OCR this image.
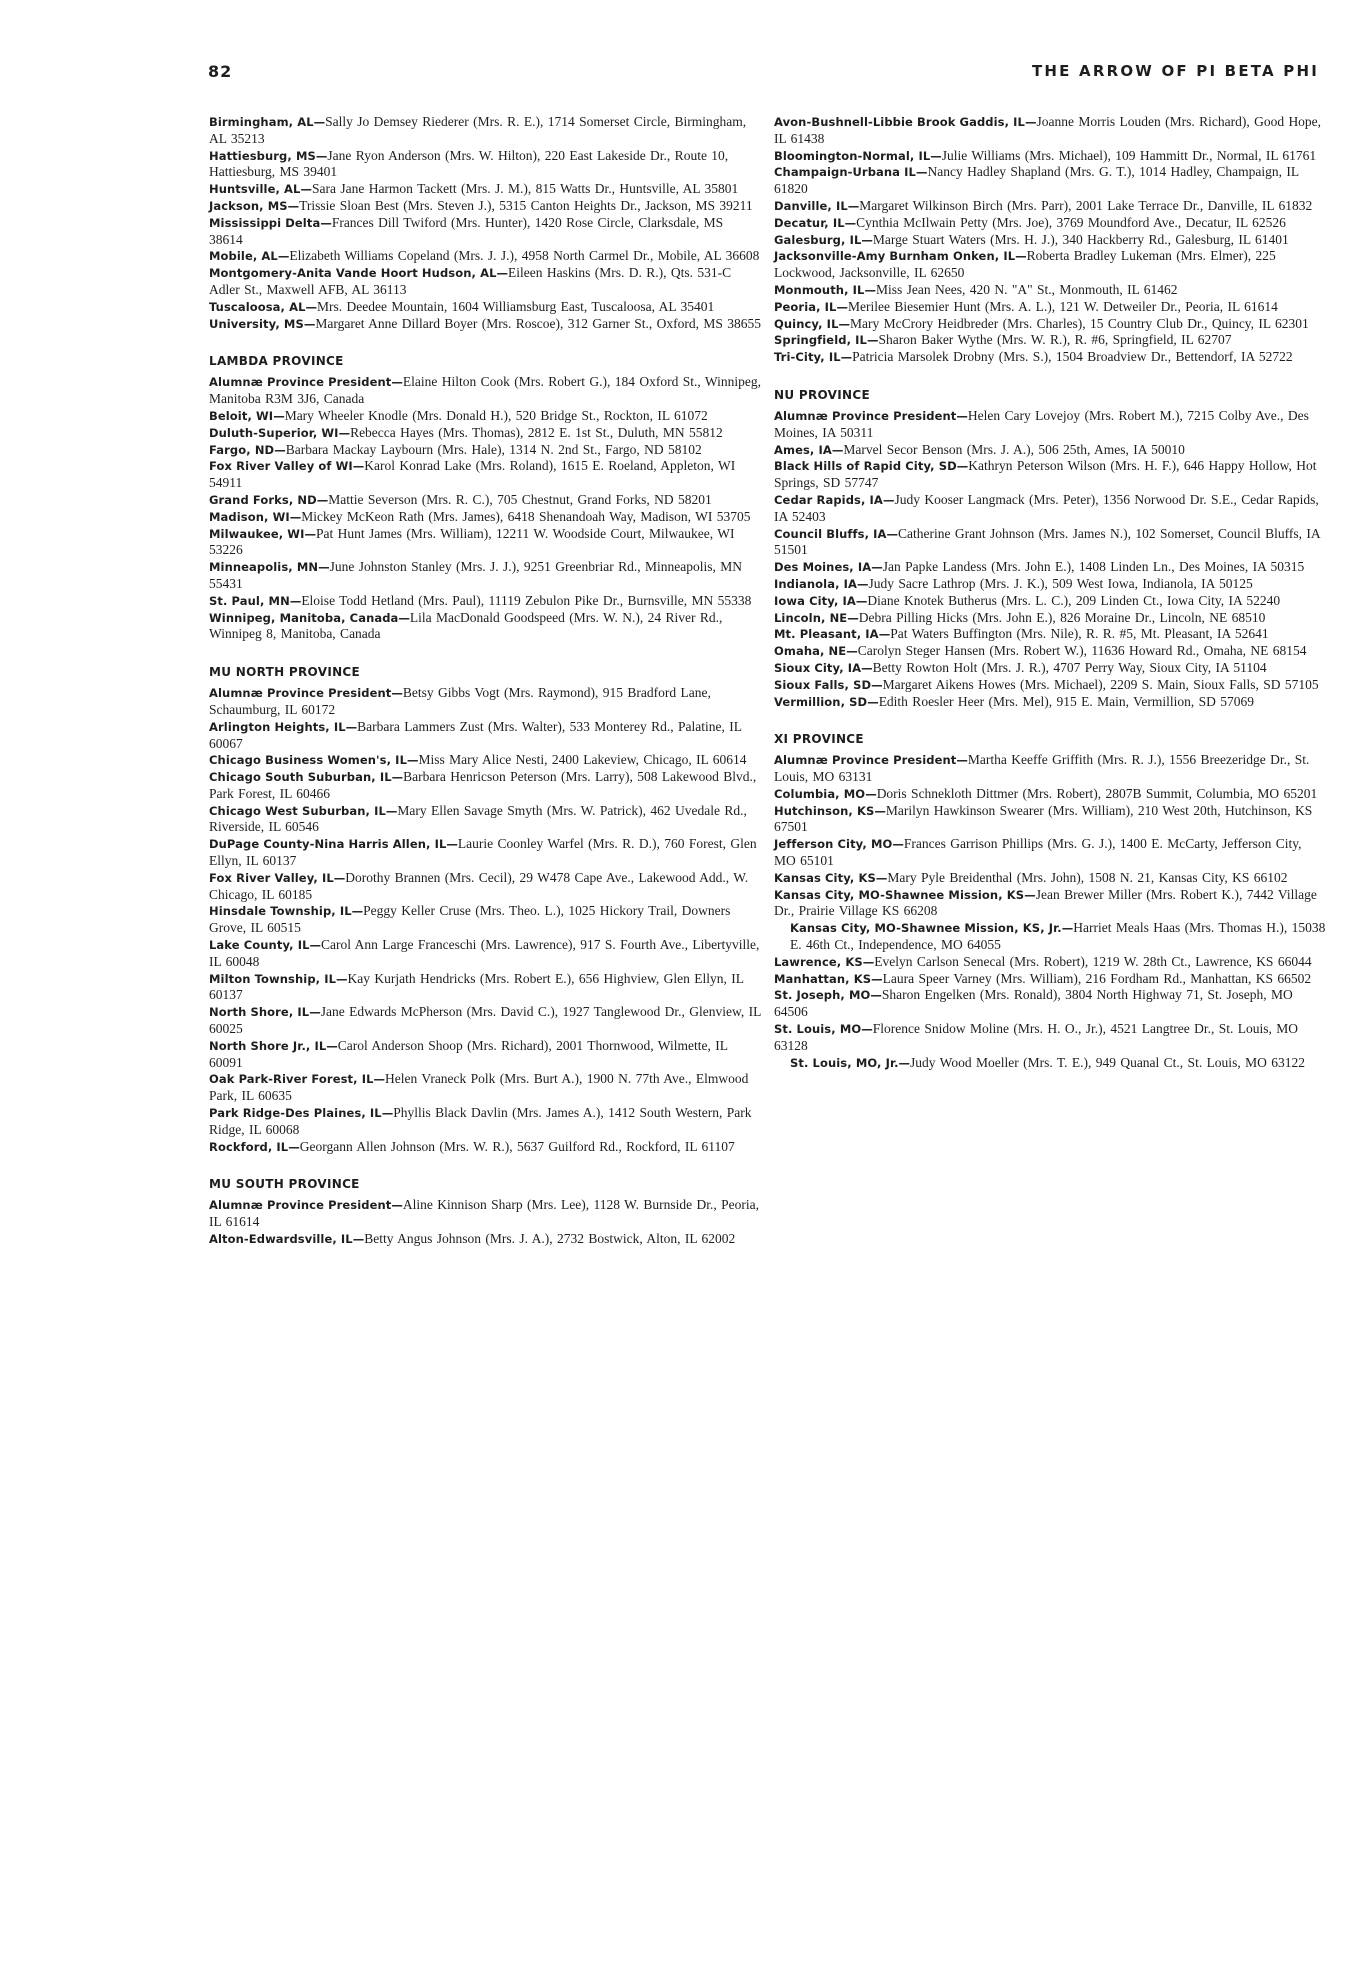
82	THE ARROW OF PI BETA PHI

Birmingham, AL—Sally Jo Demsey Riederer (Mrs. R. E.), 1714 Somerset Circle, Birmingham, AL 35213

Hattiesburg, MS—Jane Ryon Anderson (Mrs. W. Hilton), 220 East Lakeside Dr., Route 10, Hattiesburg, MS 39401

Huntsville, AL—Sara Jane Harmon Tackett (Mrs. J. M.), 815 Watts Dr., Huntsville, AL 35801

Jackson, MS—Trissie Sloan Best (Mrs. Steven J.), 5315 Canton Heights Dr., Jackson, MS 39211

Mississippi Delta—Frances Dill Twiford (Mrs. Hunter), 1420 Rose Circle, Clarksdale, MS 38614

Mobile, AL—Elizabeth Williams Copeland (Mrs. J. J.), 4958 North Carmel Dr., Mobile, AL 36608

Montgomery-Anita Vande Hoort Hudson, AL—Eileen Haskins (Mrs. D. R.), Qts. 531-C Adler St., Maxwell AFB, AL 36113

Tuscaloosa, AL—Mrs. Deedee Mountain, 1604 Williamsburg East, Tuscaloosa, AL 35401

University, MS—Margaret Anne Dillard Boyer (Mrs. Roscoe), 312 Garner St., Oxford, MS 38655

LAMBDA PROVINCE

Alumnæ Province President—Elaine Hilton Cook (Mrs. Robert G.), 184 Oxford St., Winnipeg, Manitoba R3M 3J6, Canada

Beloit, WI—Mary Wheeler Knodle (Mrs. Donald H.), 520 Bridge St., Rockton, IL 61072

Duluth-Superior, WI—Rebecca Hayes (Mrs. Thomas), 2812 E. 1st St., Duluth, MN 55812

Fargo, ND—Barbara Mackay Laybourn (Mrs. Hale), 1314 N. 2nd St., Fargo, ND 58102

Fox River Valley of WI—Karol Konrad Lake (Mrs. Roland), 1615 E. Roeland, Appleton, WI 54911

Grand Forks, ND—Mattie Severson (Mrs. R. C.), 705 Chestnut, Grand Forks, ND 58201

Madison, WI—Mickey McKeon Rath (Mrs. James), 6418 Shenandoah Way, Madison, WI 53705

Milwaukee, WI—Pat Hunt James (Mrs. William), 12211 W. Woodside Court, Milwaukee, WI 53226

Minneapolis, MN—June Johnston Stanley (Mrs. J. J.), 9251 Greenbriar Rd., Minneapolis, MN 55431

St. Paul, MN—Eloise Todd Hetland (Mrs. Paul), 11119 Zebulon Pike Dr., Burnsville, MN 55338

Winnipeg, Manitoba, Canada—Lila MacDonald Goodspeed (Mrs. W. N.), 24 River Rd., Winnipeg 8, Manitoba, Canada

MU NORTH PROVINCE

Alumnæ Province President—Betsy Gibbs Vogt (Mrs. Raymond), 915 Bradford Lane, Schaumburg, IL 60172

Arlington Heights, IL—Barbara Lammers Zust (Mrs. Walter), 533 Monterey Rd., Palatine, IL 60067

Chicago Business Women's, IL—Miss Mary Alice Nesti, 2400 Lakeview, Chicago, IL 60614

Chicago South Suburban, IL—Barbara Henricson Peterson (Mrs. Larry), 508 Lakewood Blvd., Park Forest, IL 60466

Chicago West Suburban, IL—Mary Ellen Savage Smyth (Mrs. W. Patrick), 462 Uvedale Rd., Riverside, IL 60546

DuPage County-Nina Harris Allen, IL—Laurie Coonley Warfel (Mrs. R. D.), 760 Forest, Glen Ellyn, IL 60137

Fox River Valley, IL—Dorothy Brannen (Mrs. Cecil), 29 W478 Cape Ave., Lakewood Add., W. Chicago, IL 60185

Hinsdale Township, IL—Peggy Keller Cruse (Mrs. Theo. L.), 1025 Hickory Trail, Downers Grove, IL 60515

Lake County, IL—Carol Ann Large Franceschi (Mrs. Lawrence), 917 S. Fourth Ave., Libertyville, IL 60048

Milton Township, IL—Kay Kurjath Hendricks (Mrs. Robert E.), 656 Highview, Glen Ellyn, IL 60137

North Shore, IL—Jane Edwards McPherson (Mrs. David C.), 1927 Tanglewood Dr., Glenview, IL 60025

North Shore Jr., IL—Carol Anderson Shoop (Mrs. Richard), 2001 Thornwood, Wilmette, IL 60091

Oak Park-River Forest, IL—Helen Vraneck Polk (Mrs. Burt A.), 1900 N. 77th Ave., Elmwood Park, IL 60635

Park Ridge-Des Plaines, IL—Phyllis Black Davlin (Mrs. James A.), 1412 South Western, Park Ridge, IL 60068

Rockford, IL—Georgann Allen Johnson (Mrs. W. R.), 5637 Guilford Rd., Rockford, IL 61107

MU SOUTH PROVINCE

Alumnæ Province President—Aline Kinnison Sharp (Mrs. Lee), 1128 W. Burnside Dr., Peoria, IL 61614

Alton-Edwardsville, IL—Betty Angus Johnson (Mrs. J. A.), 2732 Bostwick, Alton, IL 62002

Avon-Bushnell-Libbie Brook Gaddis, IL—Joanne Morris Louden (Mrs. Richard), Good Hope, IL 61438

Bloomington-Normal, IL—Julie Williams (Mrs. Michael), 109 Hammitt Dr., Normal, IL 61761

Champaign-Urbana IL—Nancy Hadley Shapland (Mrs. G. T.), 1014 Hadley, Champaign, IL 61820

Danville, IL—Margaret Wilkinson Birch (Mrs. Parr), 2001 Lake Terrace Dr., Danville, IL 61832

Decatur, IL—Cynthia McIlwain Petty (Mrs. Joe), 3769 Moundford Ave., Decatur, IL 62526

Galesburg, IL—Marge Stuart Waters (Mrs. H. J.), 340 Hackberry Rd., Galesburg, IL 61401

Jacksonville-Amy Burnham Onken, IL—Roberta Bradley Lukeman (Mrs. Elmer), 225 Lockwood, Jacksonville, IL 62650

Monmouth, IL—Miss Jean Nees, 420 N. "A" St., Monmouth, IL 61462

Peoria, IL—Merilee Biesemier Hunt (Mrs. A. L.), 121 W. Detweiler Dr., Peoria, IL 61614

Quincy, IL—Mary McCrory Heidbreder (Mrs. Charles), 15 Country Club Dr., Quincy, IL 62301

Springfield, IL—Sharon Baker Wythe (Mrs. W. R.), R. #6, Springfield, IL 62707

Tri-City, IL—Patricia Marsolek Drobny (Mrs. S.), 1504 Broadview Dr., Bettendorf, IA 52722

NU PROVINCE

Alumnæ Province President—Helen Cary Lovejoy (Mrs. Robert M.), 7215 Colby Ave., Des Moines, IA 50311

Ames, IA—Marvel Secor Benson (Mrs. J. A.), 506 25th, Ames, IA 50010

Black Hills of Rapid City, SD—Kathryn Peterson Wilson (Mrs. H. F.), 646 Happy Hollow, Hot Springs, SD 57747

Cedar Rapids, IA—Judy Kooser Langmack (Mrs. Peter), 1356 Norwood Dr. S.E., Cedar Rapids, IA 52403

Council Bluffs, IA—Catherine Grant Johnson (Mrs. James N.), 102 Somerset, Council Bluffs, IA 51501

Des Moines, IA—Jan Papke Landess (Mrs. John E.), 1408 Linden Ln., Des Moines, IA 50315

Indianola, IA—Judy Sacre Lathrop (Mrs. J. K.), 509 West Iowa, Indianola, IA 50125

Iowa City, IA—Diane Knotek Butherus (Mrs. L. C.), 209 Linden Ct., Iowa City, IA 52240

Lincoln, NE—Debra Pilling Hicks (Mrs. John E.), 826 Moraine Dr., Lincoln, NE 68510

Mt. Pleasant, IA—Pat Waters Buffington (Mrs. Nile), R. R. #5, Mt. Pleasant, IA 52641

Omaha, NE—Carolyn Steger Hansen (Mrs. Robert W.), 11636 Howard Rd., Omaha, NE 68154

Sioux City, IA—Betty Rowton Holt (Mrs. J. R.), 4707 Perry Way, Sioux City, IA 51104

Sioux Falls, SD—Margaret Aikens Howes (Mrs. Michael), 2209 S. Main, Sioux Falls, SD 57105

Vermillion, SD—Edith Roesler Heer (Mrs. Mel), 915 E. Main, Vermillion, SD 57069

XI PROVINCE

Alumnæ Province President—Martha Keeffe Griffith (Mrs. R. J.), 1556 Breezeridge Dr., St. Louis, MO 63131

Columbia, MO—Doris Schnekloth Dittmer (Mrs. Robert), 2807B Summit, Columbia, MO 65201

Hutchinson, KS—Marilyn Hawkinson Swearer (Mrs. William), 210 West 20th, Hutchinson, KS 67501

Jefferson City, MO—Frances Garrison Phillips (Mrs. G. J.), 1400 E. McCarty, Jefferson City, MO 65101

Kansas City, KS—Mary Pyle Breidenthal (Mrs. John), 1508 N. 21, Kansas City, KS 66102

Kansas City, MO-Shawnee Mission, KS—Jean Brewer Miller (Mrs. Robert K.), 7442 Village Dr., Prairie Village KS 66208

Kansas City, MO-Shawnee Mission, KS, Jr.—Harriet Meals Haas (Mrs. Thomas H.), 15038 E. 46th Ct., Independence, MO 64055

Lawrence, KS—Evelyn Carlson Senecal (Mrs. Robert), 1219 W. 28th Ct., Lawrence, KS 66044

Manhattan, KS—Laura Speer Varney (Mrs. William), 216 Fordham Rd., Manhattan, KS 66502

St. Joseph, MO—Sharon Engelken (Mrs. Ronald), 3804 North Highway 71, St. Joseph, MO 64506

St. Louis, MO—Florence Snidow Moline (Mrs. H. O., Jr.), 4521 Langtree Dr., St. Louis, MO 63128

St. Louis, MO, Jr.—Judy Wood Moeller (Mrs. T. E.), 949 Quanal Ct., St. Louis, MO 63122
